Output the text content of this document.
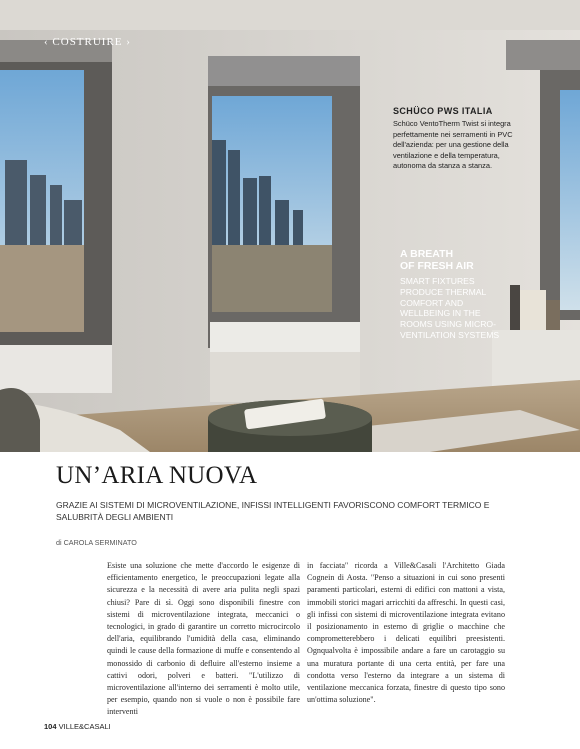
‹ COSTRUIRE ›
SCHÜCO PWS ITALIA
Schüco VentoTherm Twist si integra perfettamente nei serramenti in PVC dell'azienda: per una gestione della ventilazione e della temperatura, autonoma da stanza a stanza.
A BREATH
OF FRESH AIR
SMART FIXTURES PRODUCE THERMAL COMFORT AND WELLBEING IN THE ROOMS USING MICRO-VENTILATION SYSTEMS
UN’ARIA NUOVA
GRAZIE AI SISTEMI DI MICROVENTILAZIONE, INFISSI INTELLIGENTI FAVORISCONO COMFORT TERMICO E SALUBRITÀ DEGLI AMBIENTI
di CAROLA SERMINATO
Esiste una soluzione che mette d'accordo le esigenze di efficientamento energetico, le preoccupazioni legate alla sicurezza e la necessità di avere aria pulita negli spazi chiusi? Pare di sì. Oggi sono disponibili finestre con sistemi di microventilazione integrata, meccanici o tecnologici, in grado di garantire un corretto microcircolo dell'aria, equilibrando l'umidità della casa, eliminando quindi le cause della formazione di muffe e consentendo al monossido di carbonio di defluire all'esterno insieme a cattivi odori, polveri e batteri. "L'utilizzo di microventilazione all'interno dei serramenti è molto utile, per esempio, quando non si vuole o non è possibile fare interventi
in facciata" ricorda a Ville&Casali l'Architetto Giada Cognein di Aosta. "Penso a situazioni in cui sono presenti paramenti particolari, esterni di edifici con mattoni a vista, immobili storici magari arricchiti da affreschi. In questi casi, gli infissi con sistemi di microventilazione integrata evitano il posizionamento in esterno di griglie o macchine che comprometterebbero i delicati equilibri preesistenti. Ognqualvolta è impossibile andare a fare un carotaggio su una muratura portante di una certa entità, per fare una condotta verso l'esterno da integrare a un sistema di ventilazione meccanica forzata, finestre di questo tipo sono un'ottima soluzione".
104 VILLE&CASALI
